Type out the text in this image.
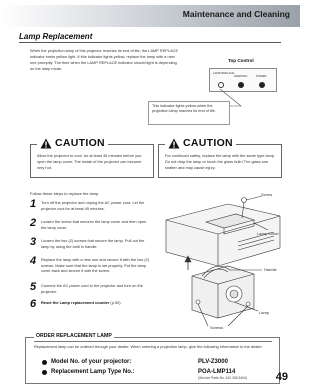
Maintenance and Cleaning
Lamp Replacement
When the projection lamp of this projector reaches its end of life, the LAMP REPLACE indicator emits yellow light. If this indicator lights yellow, replace the lamp with a new one promptly. The time when the LAMP REPLACE indicator should light is depending on the lamp mode.
Top Control
LAMP REPLACE
WARNING	POWER
This indicator lights yellow when the projection lamp reaches its end of life.
CAUTION
Allow the projector to cool, for at least 45 minutes before you open the lamp cover. The inside of the projector can become very hot.
CAUTION
For continued safety, replace the lamp with the same type lamp. Do not drop the lamp or touch the glass bulb! The glass can shatter and may cause injury.
Follow these steps to replace the lamp.
1 Turn off the projector and unplug the AC power cord. Let the projector cool for at least 45 minutes.
2 Loosen the screw that secures the lamp cover and then open the lamp cover.
3 Loosen the two (2) screws that secure the lamp. Pull out the lamp by using the built in handle.
4 Replace the lamp with a new one and secure it with the two (2) screws. Make sure that the lamp is set properly. Put the lamp cover back and secure it with the screw.
5 Connect the AC power cord to the projector and turn on the projector.
6 Reset the Lamp replacement counter (p.50).
Screw
Lamp Cover
Handle
Lamp
Screws
ORDER REPLACEMENT LAMP
Replacement lamp can be ordered through your dealer. When ordering a projection lamp, give the following information to the dealer.
Model No. of your projector:	PLV-Z3000
Replacement Lamp Type No.:	POA-LMP114
(Service Parts No. 610 336 5404)	49
